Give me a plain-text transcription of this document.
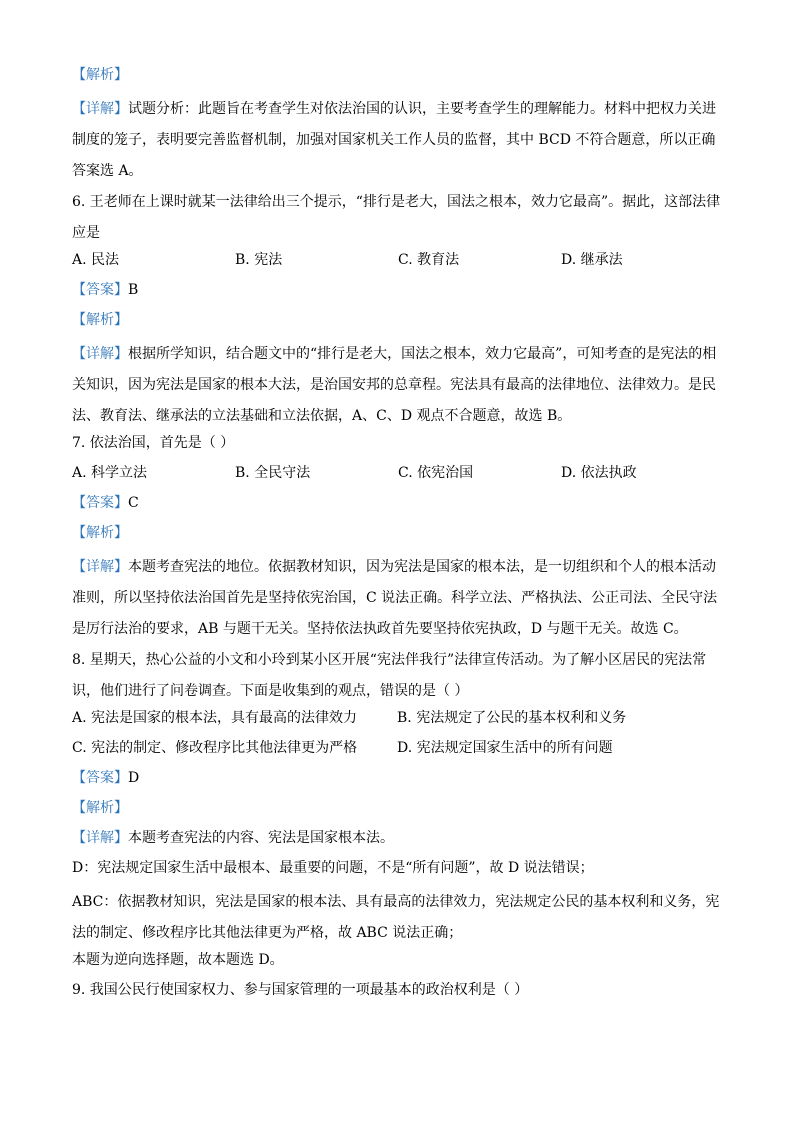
【解析】
【详解】试题分析：此题旨在考查学生对依法治国的认识，主要考查学生的理解能力。材料中把权力关进制度的笼子，表明要完善监督机制，加强对国家机关工作人员的监督，其中 BCD 不符合题意，所以正确答案选 A。
6. 王老师在上课时就某一法律给出三个提示，“排行是老大，国法之根本，效力它最高”。据此，这部法律应是
A. 民法	B. 宪法	C. 教育法	D. 继承法
【答案】B
【解析】
【详解】根据所学知识，结合题文中的“排行是老大，国法之根本，效力它最高”，可知考查的是宪法的相关知识，因为宪法是国家的根本大法，是治国安邦的总章程。宪法具有最高的法律地位、法律效力。是民法、教育法、继承法的立法基础和立法依据，A、C、D 观点不合题意，故选 B。
7. 依法治国，首先是（ ）
A. 科学立法	B. 全民守法	C. 依宪治国	D. 依法执政
【答案】C
【解析】
【详解】本题考查宪法的地位。依据教材知识，因为宪法是国家的根本法，是一切组织和个人的根本活动准则，所以坚持依法治国首先是坚持依宪治国，C 说法正确。科学立法、严格执法、公正司法、全民守法是厉行法治的要求，AB 与题干无关。坚持依法执政首先要坚持依宪执政，D 与题干无关。故选 C。
8. 星期天，热心公益的小文和小玲到某小区开展“宪法伴我行”法律宣传活动。为了解小区居民的宪法常识，他们进行了问卷调查。下面是收集到的观点，错误的是（ ）
A. 宪法是国家的根本法，具有最高的法律效力	B. 宪法规定了公民的基本权利和义务
C. 宪法的制定、修改程序比其他法律更为严格	D. 宪法规定国家生活中的所有问题
【答案】D
【解析】
【详解】本题考查宪法的内容、宪法是国家根本法。
D：宪法规定国家生活中最根本、最重要的问题，不是“所有问题”，故 D 说法错误；
ABC：依据教材知识，宪法是国家的根本法、具有最高的法律效力，宪法规定公民的基本权利和义务，宪法的制定、修改程序比其他法律更为严格，故 ABC 说法正确；
本题为逆向选择题，故本题选 D。
9. 我国公民行使国家权力、参与国家管理的一项最基本的政治权利是（ ）
